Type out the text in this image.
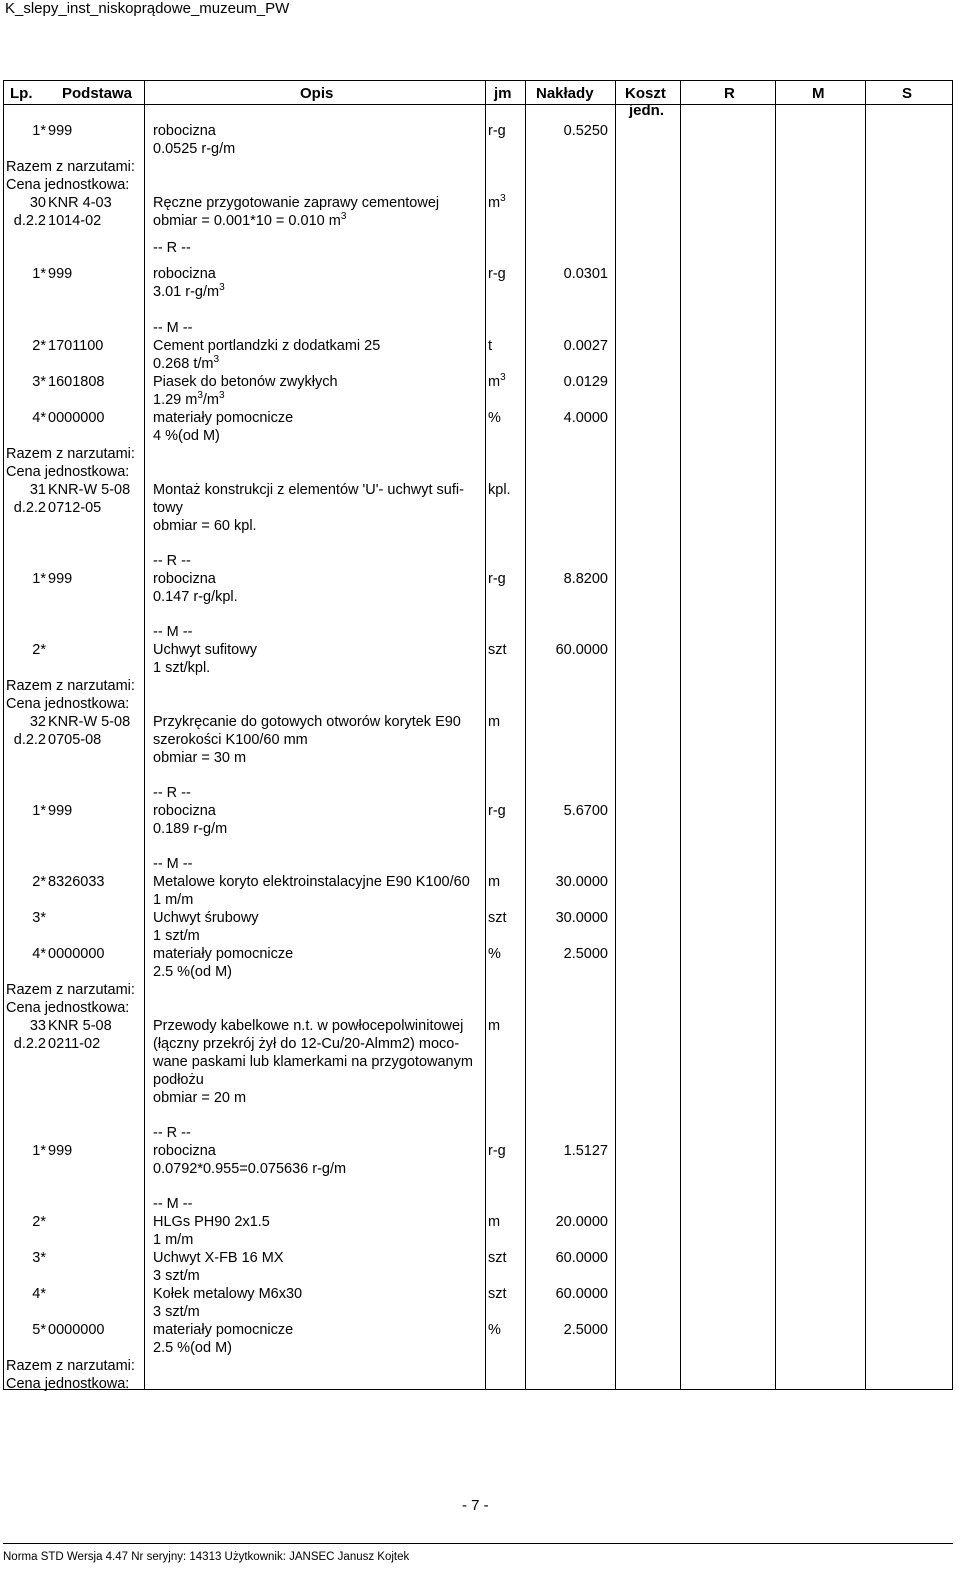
K_slepy_inst_niskoprądowe_muzeum_PW
Lp. Podstawa	Opis	jm Nakłady Koszt
jedn.
R	M	S
1* 999	robocizna	r-g	0.5250
0.0525 r-g/m
Razem z narzutami:
Cena jednostkowa:
30 KNR 4-03	Ręczne przygotowanie zaprawy cementowej	$m^3$
d.2.2 1014-02	obmiar = 0.001*10 = 0.010 $m^3$
-- R --
1* 999	robocizna	r-g	0.0301
3.01 $r-g/m^3$
-- M --
2* 1701100	Cement portlandzki z dodatkami 25	t	0.0027
0.268 $t/m^3$
3* 1601808	Piasek do betonów zwykłych	$m^3$	0.0129
1.29 $m^3/m^3$
4* 0000000	materiały pomocnicze	%	4.0000
4 %(od M)
Razem z narzutami:
Cena jednostkowa:
31 KNR-W 5-08	Montaż konstrukcji z elementów 'U'- uchwyt sufi-	kpl.
d.2.2 0712-05	towy
obmiar = 60 kpl.
-- R --
1* 999	robocizna	r-g	8.8200
0.147 r-g/kpl.
-- M --
2*	Uchwyt sufitowy	szt	60.0000
1 szt/kpl.
Razem z narzutami:
Cena jednostkowa:
32 KNR-W 5-08	Przykręcanie do gotowych otworów korytek E90	m
d.2.2 0705-08	szerokości K100/60 mm
obmiar = 30 m
-- R --
1* 999	robocizna	r-g	5.6700
0.189 r-g/m
-- M --
2* 8326033	Metalowe koryto elektroinstalacyjne E90 K100/60	m	30.0000
1 m/m
3*	Uchwyt śrubowy	szt	30.0000
1 szt/m
4* 0000000	materiały pomocnicze	%	2.5000
2.5 %(od M)
Razem z narzutami:
Cena jednostkowa:
33 KNR 5-08	Przewody kabelkowe n.t. w powłocepolwinitowej	m
d.2.2 0211-02	(łączny przekrój żył do 12-Cu/20-Almm2) moco-
wane paskami lub klamerkami na przygotowanym
podłożu
obmiar = 20 m
-- R --
1* 999	robocizna	r-g	1.5127
0.0792*0.955=0.075636 r-g/m
-- M --
2*	HLGs PH90 2x1.5	m	20.0000
1 m/m
3*	Uchwyt X-FB 16 MX	szt	60.0000
3 szt/m
4*	Kołek metalowy M6x30	szt	60.0000
3 szt/m
5* 0000000	materiały pomocnicze	%	2.5000
2.5 %(od M)
Razem z narzutami:
Cena jednostkowa:
- 7 -
Norma STD Wersja 4.47 Nr seryjny: 14313 Użytkownik: JANSEC Janusz Kojtek
